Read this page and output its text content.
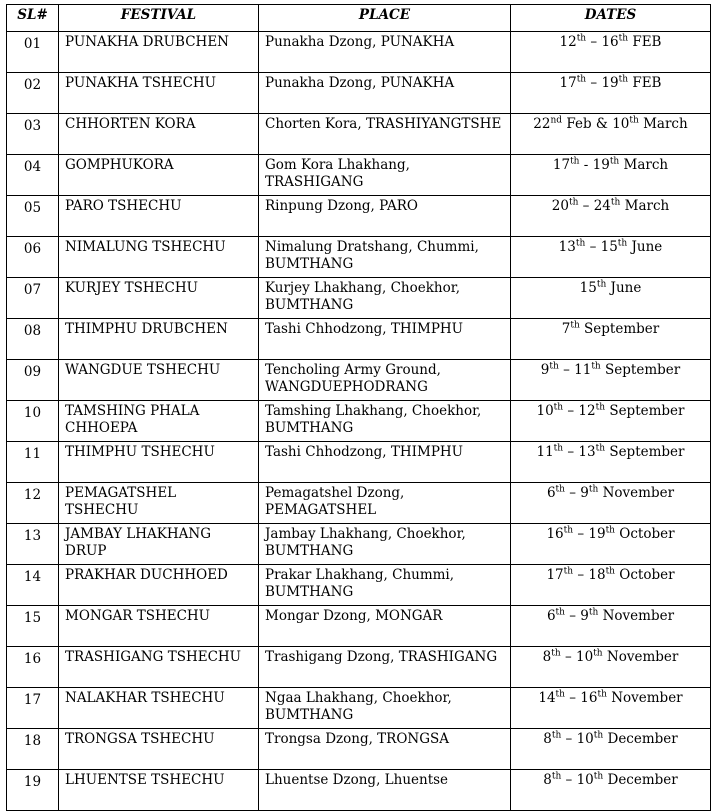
SL#	FESTIVAL	PLACE	DATES
01	PUNAKHA DRUBCHEN	Punakha Dzong, PUNAKHA	12th – 16th FEB
02	PUNAKHA TSHECHU	Punakha Dzong, PUNAKHA	17th – 19th FEB
03	CHHORTEN KORA	Chorten Kora, TRASHIYANGTSHE	22nd Feb & 10th March
04	GOMPHUKORA	Gom Kora Lhakhang, TRASHIGANG	17th - 19th March
05	PARO TSHECHU	Rinpung Dzong, PARO	20th – 24th March
06	NIMALUNG TSHECHU	Nimalung Dratshang, Chummi, BUMTHANG	13th – 15th June
07	KURJEY TSHECHU	Kurjey Lhakhang, Choekhor, BUMTHANG	15th June
08	THIMPHU DRUBCHEN	Tashi Chhodzong, THIMPHU	7th September
09	WANGDUE TSHECHU	Tencholing Army Ground, WANGDUEPHODRANG	9th – 11th September
10	TAMSHING PHALA CHHOEPA	Tamshing Lhakhang, Choekhor, BUMTHANG	10th – 12th September
11	THIMPHU TSHECHU	Tashi Chhodzong, THIMPHU	11th – 13th September
12	PEMAGATSHEL TSHECHU	Pemagatshel Dzong, PEMAGATSHEL	6th – 9th November
13	JAMBAY LHAKHANG DRUP	Jambay Lhakhang, Choekhor, BUMTHANG	16th – 19th October
14	PRAKHAR DUCHHOED	Prakar Lhakhang, Chummi, BUMTHANG	17th – 18th October
15	MONGAR TSHECHU	Mongar Dzong, MONGAR	6th – 9th November
16	TRASHIGANG TSHECHU	Trashigang Dzong, TRASHIGANG	8th – 10th November
17	NALAKHAR TSHECHU	Ngaa Lhakhang, Choekhor, BUMTHANG	14th – 16th November
18	TRONGSA TSHECHU	Trongsa Dzong, TRONGSA	8th – 10th December
19	LHUENTSE TSHECHU	Lhuentse Dzong, Lhuentse	8th – 10th December
